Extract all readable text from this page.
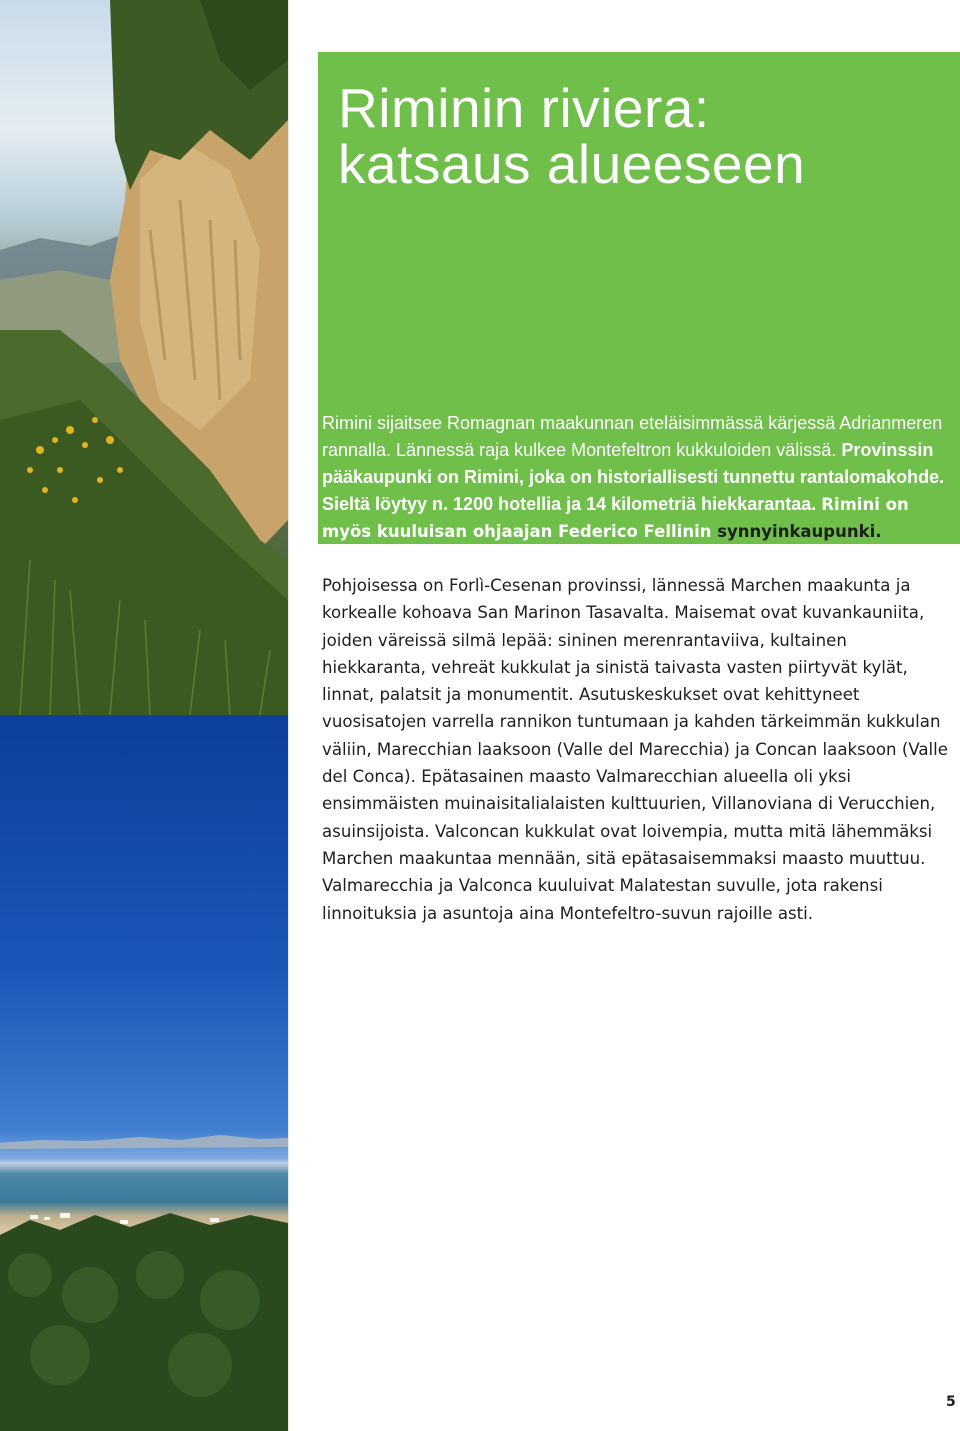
Riminin riviera:
katsaus alueeseen

Rimini sijaitsee Romagnan maakunnan eteläisimmässä kärjessä Adrianmeren rannalla. Lännessä raja kulkee Montefeltron kukkuloiden välissä. Provinssin pääkaupunki on Rimini, joka on historiallisesti tunnettu rantalomakohde. Sieltä löytyy n. 1200 hotellia ja 14 kilometriä hiekkarantaa. Rimini on myös kuuluisan ohjaajan Federico Fellinin synnyinkaupunki.

Pohjoisessa on Forlì-Cesenan provinssi, lännessä Marchen maakunta ja korkealle kohoava San Marinon Tasavalta. Maisemat ovat kuvankauniita, joiden väreissä silmä lepää: sininen merenrantaviiva, kultainen hiekkaranta, vehreät kukkulat ja sinistä taivasta vasten piirtyvät kylät, linnat, palatsit ja monumentit. Asutuskeskukset ovat kehittyneet vuosisatojen varrella rannikon tuntumaan ja kahden tärkeimmän kukkulan väliin, Marecchian laaksoon (Valle del Marecchia) ja Concan laaksoon (Valle del Conca). Epätasainen maasto Valmarecchian alueella oli yksi ensimmäisten muinaisitalialaisten kulttuurien, Villanoviana di Verucchien, asuinsijoista. Valconcan kukkulat ovat loivempia, mutta mitä lähemmäksi Marchen maakuntaa mennään, sitä epätasaisemmaksi maasto muuttuu. Valmarecchia ja Valconca kuuluivat Malatestan suvulle, jota rakensi linnoituksia ja asuntoja aina Montefeltro-suvun rajoille asti.

5
